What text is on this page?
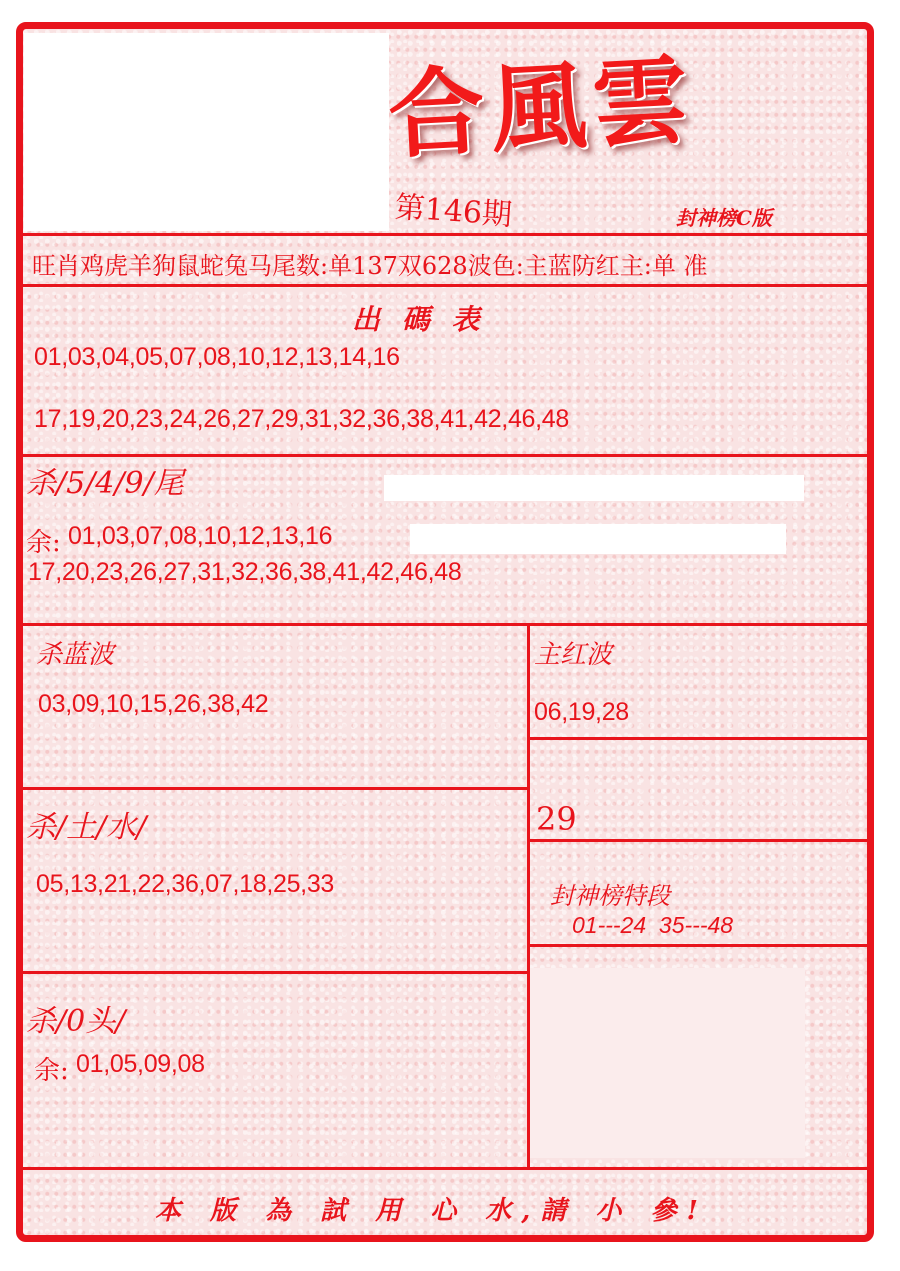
合風雲
第146期	封神榜C版
旺肖鸡虎羊狗鼠蛇兔马尾数:单137双628波色:主蓝防红主:单 准
出 碼 表
01,03,04,05,07,08,10,12,13,14,16
17,19,20,23,24,26,27,29,31,32,36,38,41,42,46,48
杀/5/4/9/尾
余: 01,03,07,08,10,12,13,16
17,20,23,26,27,31,32,36,38,41,42,46,48
杀蓝波
03,09,10,15,26,38,42
主红波
06,19,28
29
杀/土/水/
05,13,21,22,36,07,18,25,33	封神榜特段
01---24  35---48
杀/0头/
余: 01,05,09,08
本 版 為 試 用 心 水,請 小 參!
